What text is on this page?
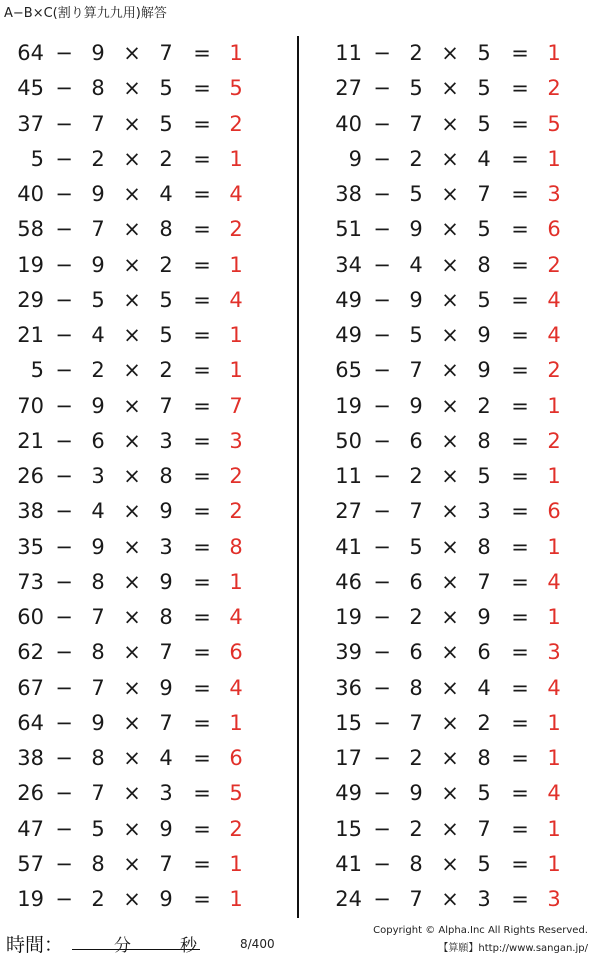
A−B×C(割り算九九用)解答
64 − 9 × 7 = 1
45 − 8 × 5 = 5
37 − 7 × 5 = 2
5 − 2 × 2 = 1
40 − 9 × 4 = 4
58 − 7 × 8 = 2
19 − 9 × 2 = 1
29 − 5 × 5 = 4
21 − 4 × 5 = 1
5 − 2 × 2 = 1
70 − 9 × 7 = 7
21 − 6 × 3 = 3
26 − 3 × 8 = 2
38 − 4 × 9 = 2
35 − 9 × 3 = 8
73 − 8 × 9 = 1
60 − 7 × 8 = 4
62 − 8 × 7 = 6
67 − 7 × 9 = 4
64 − 9 × 7 = 1
38 − 8 × 4 = 6
26 − 7 × 3 = 5
47 − 5 × 9 = 2
57 − 8 × 7 = 1
19 − 2 × 9 = 1
11 − 2 × 5 = 1
27 − 5 × 5 = 2
40 − 7 × 5 = 5
9 − 2 × 4 = 1
38 − 5 × 7 = 3
51 − 9 × 5 = 6
34 − 4 × 8 = 2
49 − 9 × 5 = 4
49 − 5 × 9 = 4
65 − 7 × 9 = 2
19 − 9 × 2 = 1
50 − 6 × 8 = 2
11 − 2 × 5 = 1
27 − 7 × 3 = 6
41 − 5 × 8 = 1
46 − 6 × 7 = 4
19 − 2 × 9 = 1
39 − 6 × 6 = 3
36 − 8 × 4 = 4
15 − 7 × 2 = 1
17 − 2 × 8 = 1
49 − 9 × 5 = 4
15 − 2 × 7 = 1
41 − 8 × 5 = 1
24 − 7 × 3 = 3
時間：	分	秒	8/400
Copyright © Alpha.Inc All Rights Reserved.
【算願】http://www.sangan.jp/
